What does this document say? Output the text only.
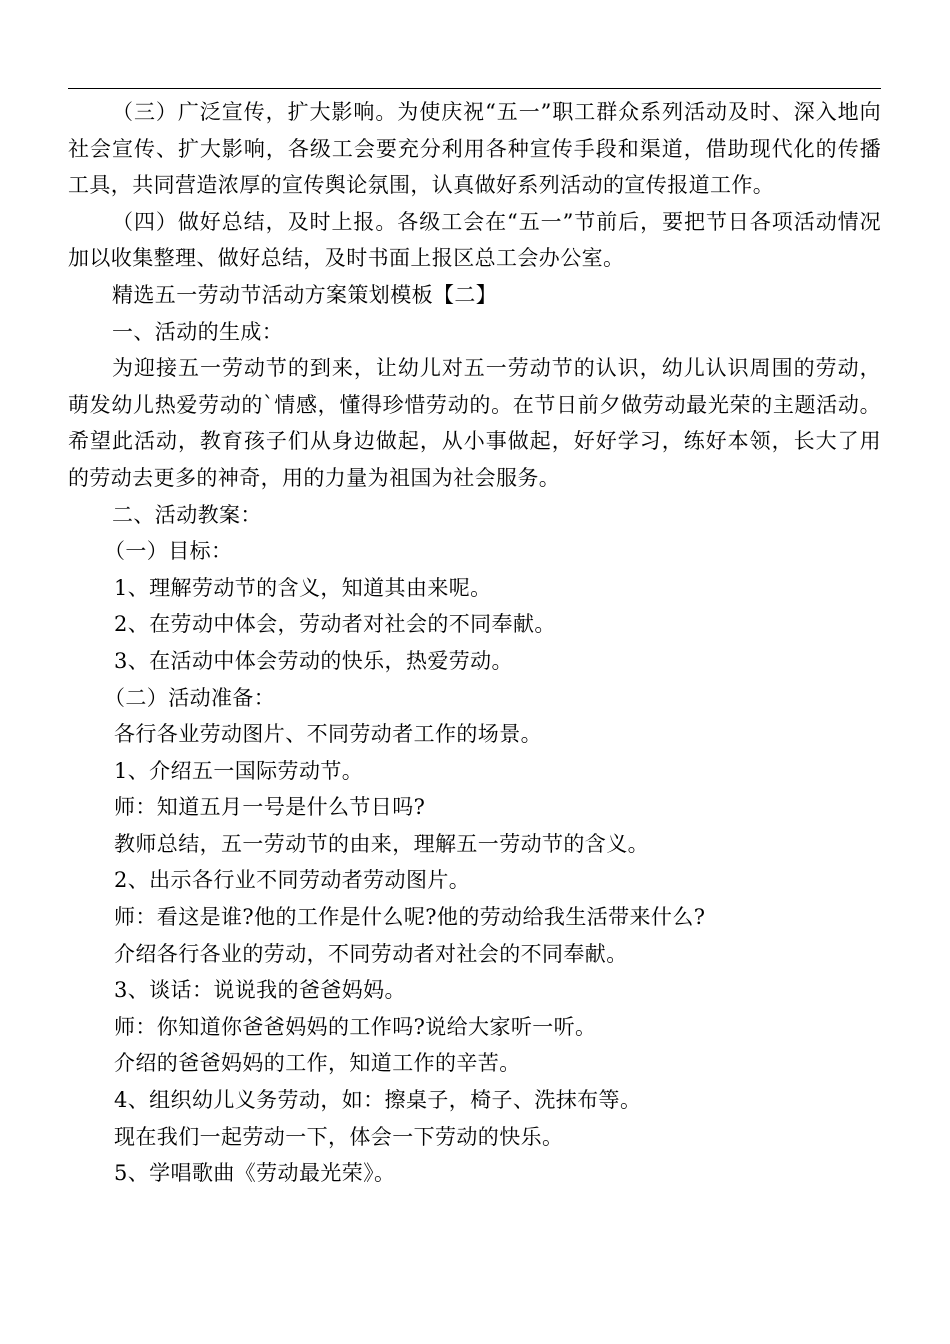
（三）广泛宣传，扩大影响。为使庆祝“五一”职工群众系列活动及时、深入地向社会宣传、扩大影响，各级工会要充分利用各种宣传手段和渠道，借助现代化的传播工具，共同营造浓厚的宣传舆论氛围，认真做好系列活动的宣传报道工作。

（四）做好总结，及时上报。各级工会在“五一”节前后，要把节日各项活动情况加以收集整理、做好总结，及时书面上报区总工会办公室。

精选五一劳动节活动方案策划模板【二】

一、活动的生成：

为迎接五一劳动节的到来，让幼儿对五一劳动节的认识，幼儿认识周围的劳动，萌发幼儿热爱劳动的`情感，懂得珍惜劳动的。在节日前夕做劳动最光荣的主题活动。希望此活动，教育孩子们从身边做起，从小事做起，好好学习，练好本领，长大了用的劳动去更多的神奇，用的力量为祖国为社会服务。

二、活动教案：

（一）目标：

1、理解劳动节的含义，知道其由来呢。

2、在劳动中体会，劳动者对社会的不同奉献。

3、在活动中体会劳动的快乐，热爱劳动。

（二）活动准备：

各行各业劳动图片、不同劳动者工作的场景。

1、介绍五一国际劳动节。

师：知道五月一号是什么节日吗?

教师总结，五一劳动节的由来，理解五一劳动节的含义。

2、出示各行业不同劳动者劳动图片。

师：看这是谁?他的工作是什么呢?他的劳动给我生活带来什么?

介绍各行各业的劳动，不同劳动者对社会的不同奉献。

3、谈话：说说我的爸爸妈妈。

师：你知道你爸爸妈妈的工作吗?说给大家听一听。

介绍的爸爸妈妈的工作，知道工作的辛苦。

4、组织幼儿义务劳动，如：擦桌子，椅子、洗抹布等。

现在我们一起劳动一下，体会一下劳动的快乐。

5、学唱歌曲《劳动最光荣》。
